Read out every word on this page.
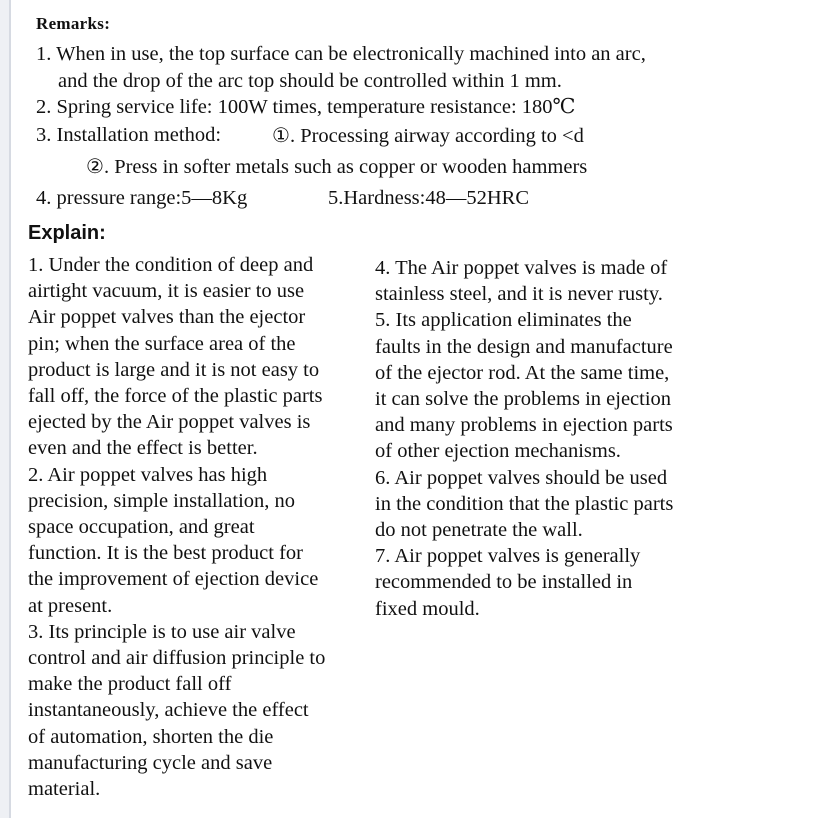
Remarks:
1. When in use, the top surface can be electronically machined into an arc,
and the drop of the arc top should be controlled within 1 mm.
2. Spring service life: 100W times, temperature resistance: 180℃
3. Installation method:	①. Processing airway according to <d
②. Press in softer metals such as copper or wooden hammers
4. pressure range:5—8Kg	5.Hardness:48—52HRC
Explain:
1. Under the condition of deep and
airtight vacuum, it is easier to use
Air poppet valves than the ejector
pin; when the surface area of the
product is large and it is not easy to
fall off, the force of the plastic parts
ejected by the Air poppet valves is
even and the effect is better.
2. Air poppet valves has high
precision, simple installation, no
space occupation, and great
function. It is the best product for
the improvement of ejection device
at present.
3. Its principle is to use air valve
control and air diffusion principle to
make the product fall off
instantaneously, achieve the effect
of automation, shorten the die
manufacturing cycle and save
material.
4. The Air poppet valves is made of
stainless steel, and it is never rusty.
5. Its application eliminates the
faults in the design and manufacture
of the ejector rod. At the same time,
it can solve the problems in ejection
and many problems in ejection parts
of other ejection mechanisms.
6. Air poppet valves should be used
in the condition that the plastic parts
do not penetrate the wall.
7. Air poppet valves is generally
recommended to be installed in
fixed mould.
